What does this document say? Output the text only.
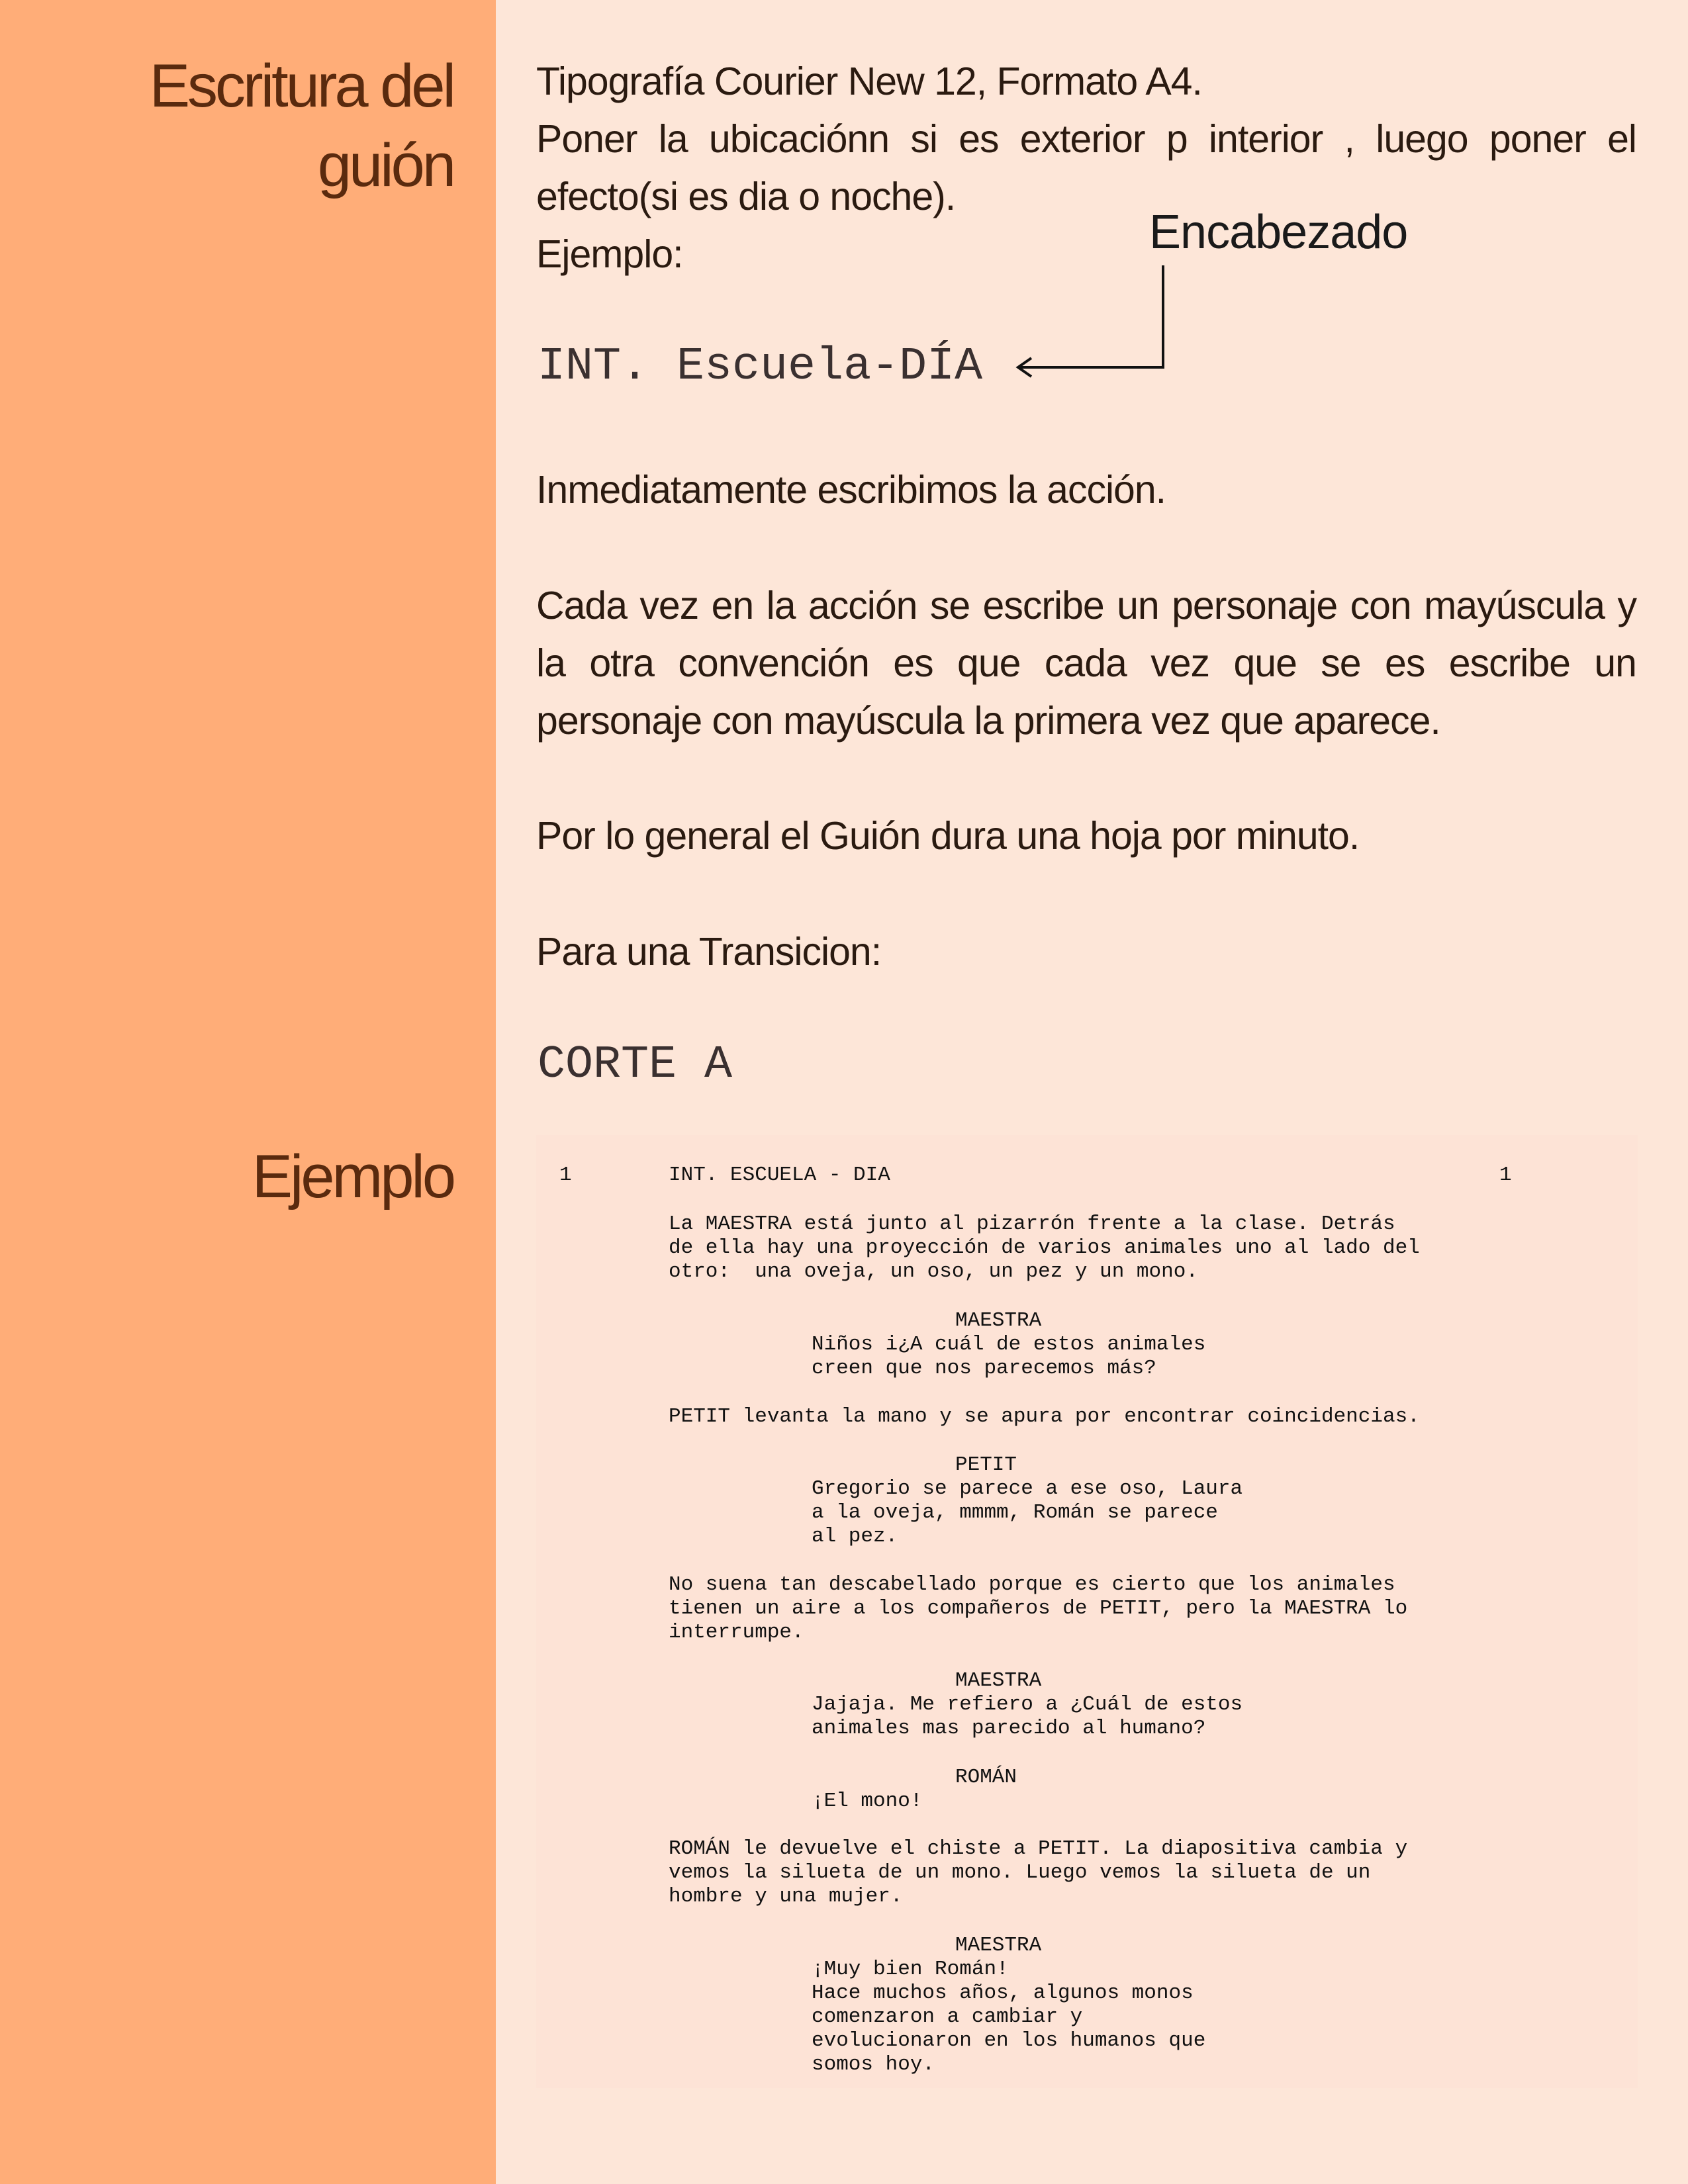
Escritura del
guión
Ejemplo
Tipografía Courier New 12, Formato A4.
Poner la ubicaciónn si es exterior p interior , luego poner el efecto(si es dia o noche).
Ejemplo:	Encabezado
INT. Escuela-DÍA
Inmediatamente escribimos la acción.
Cada vez en la acción se escribe un personaje con mayúscula y la otra convención es que cada vez que se es escribe un personaje con mayúscula la primera vez que aparece.
Por lo general el Guión dura una hoja por minuto.
Para una Transicion:
CORTE A
1	INT. ESCUELA - DIA	1
La MAESTRA está junto al pizarrón frente a la clase. Detrás
de ella hay una proyección de varios animales uno al lado del
otro:  una oveja, un oso, un pez y un mono.
MAESTRA
Niños i¿A cuál de estos animales
creen que nos parecemos más?
PETIT levanta la mano y se apura por encontrar coincidencias.
PETIT
Gregorio se parece a ese oso, Laura
a la oveja, mmmm, Román se parece
al pez.
No suena tan descabellado porque es cierto que los animales
tienen un aire a los compañeros de PETIT, pero la MAESTRA lo
interrumpe.
MAESTRA
Jajaja. Me refiero a ¿Cuál de estos
animales mas parecido al humano?
ROMÁN
¡El mono!
ROMÁN le devuelve el chiste a PETIT. La diapositiva cambia y
vemos la silueta de un mono. Luego vemos la silueta de un
hombre y una mujer.
MAESTRA
¡Muy bien Román!
Hace muchos años, algunos monos
comenzaron a cambiar y
evolucionaron en los humanos que
somos hoy.
